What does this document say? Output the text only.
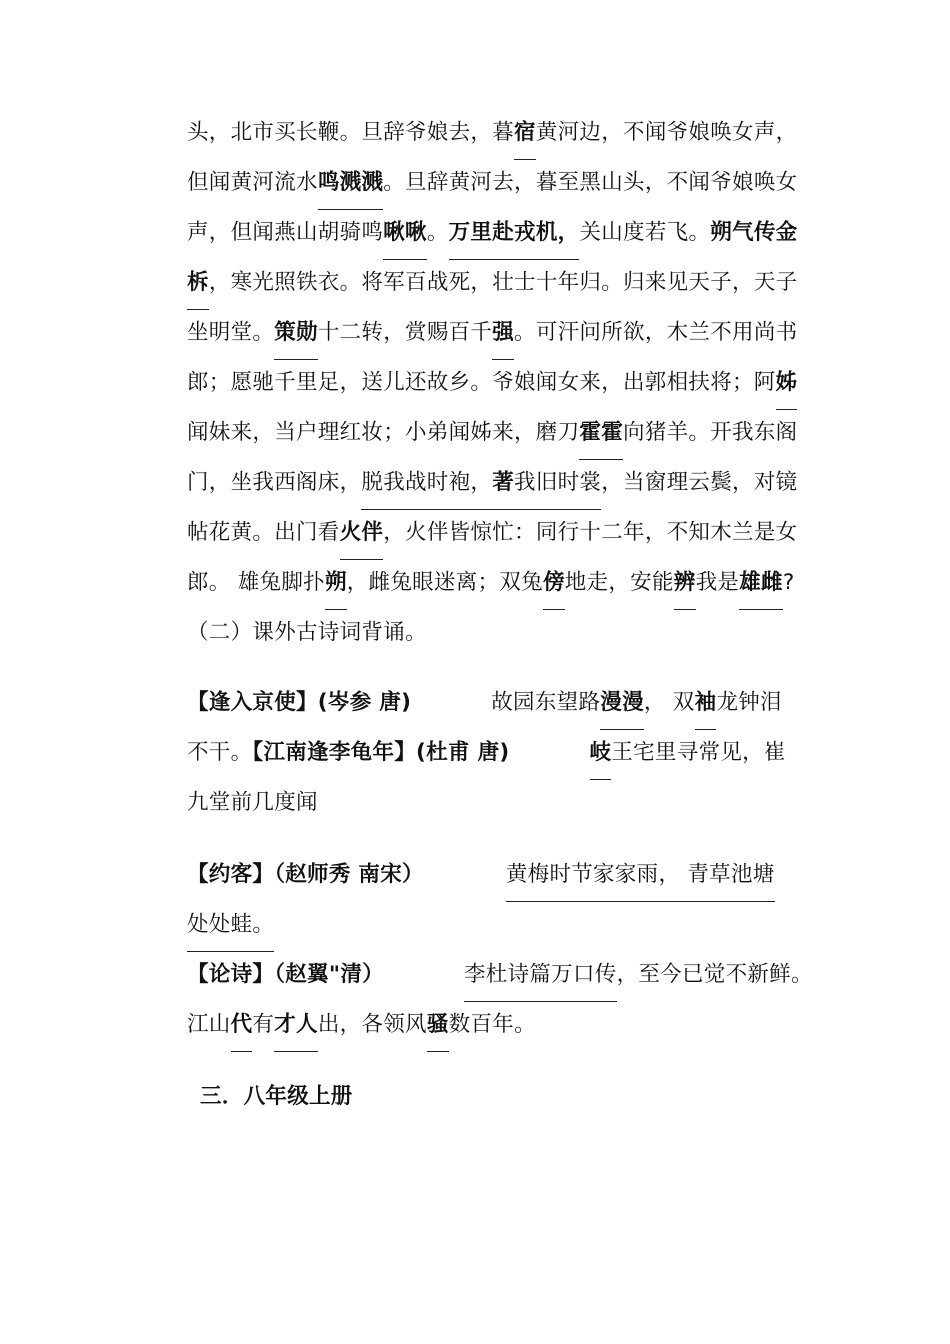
头，北市买长鞭。旦辞爷娘去，暮宿黄河边，不闻爷娘唤女声，
但闻黄河流水鸣溅溅。旦辞黄河去，暮至黑山头，不闻爷娘唤女
声，但闻燕山胡骑鸣啾啾。万里赴戎机，关山度若飞。朔气传金
柝，寒光照铁衣。将军百战死，壮士十年归。归来见天子，天子
坐明堂。策勋十二转，赏赐百千强。可汗问所欲，木兰不用尚书
郎；愿驰千里足，送儿还故乡。爷娘闻女来，出郭相扶将；阿姊
闻妹来，当户理红妆；小弟闻姊来，磨刀霍霍向猪羊。开我东阁
门，坐我西阁床，脱我战时袍，著我旧时裳，当窗理云鬓，对镜
帖花黄。出门看火伴，火伴皆惊忙：同行十二年，不知木兰是女
郎。 雄兔脚扑朔，雌兔眼迷离；双兔傍地走，安能辨我是雄雌?
（二）课外古诗词背诵。
【逢入京使】(岑参 唐)	故园东望路漫漫， 双袖龙钟泪
不干。【江南逢李龟年】(杜甫 唐)	岐王宅里寻常见，崔
九堂前几度闻
【约客】（赵师秀 南宋）	黄梅时节家家雨， 青草池塘
处处蛙。
【论诗】（赵翼"清）	李杜诗篇万口传，至今已觉不新鲜。
江山代有才人出，各领风骚数百年。
三．八年级上册
